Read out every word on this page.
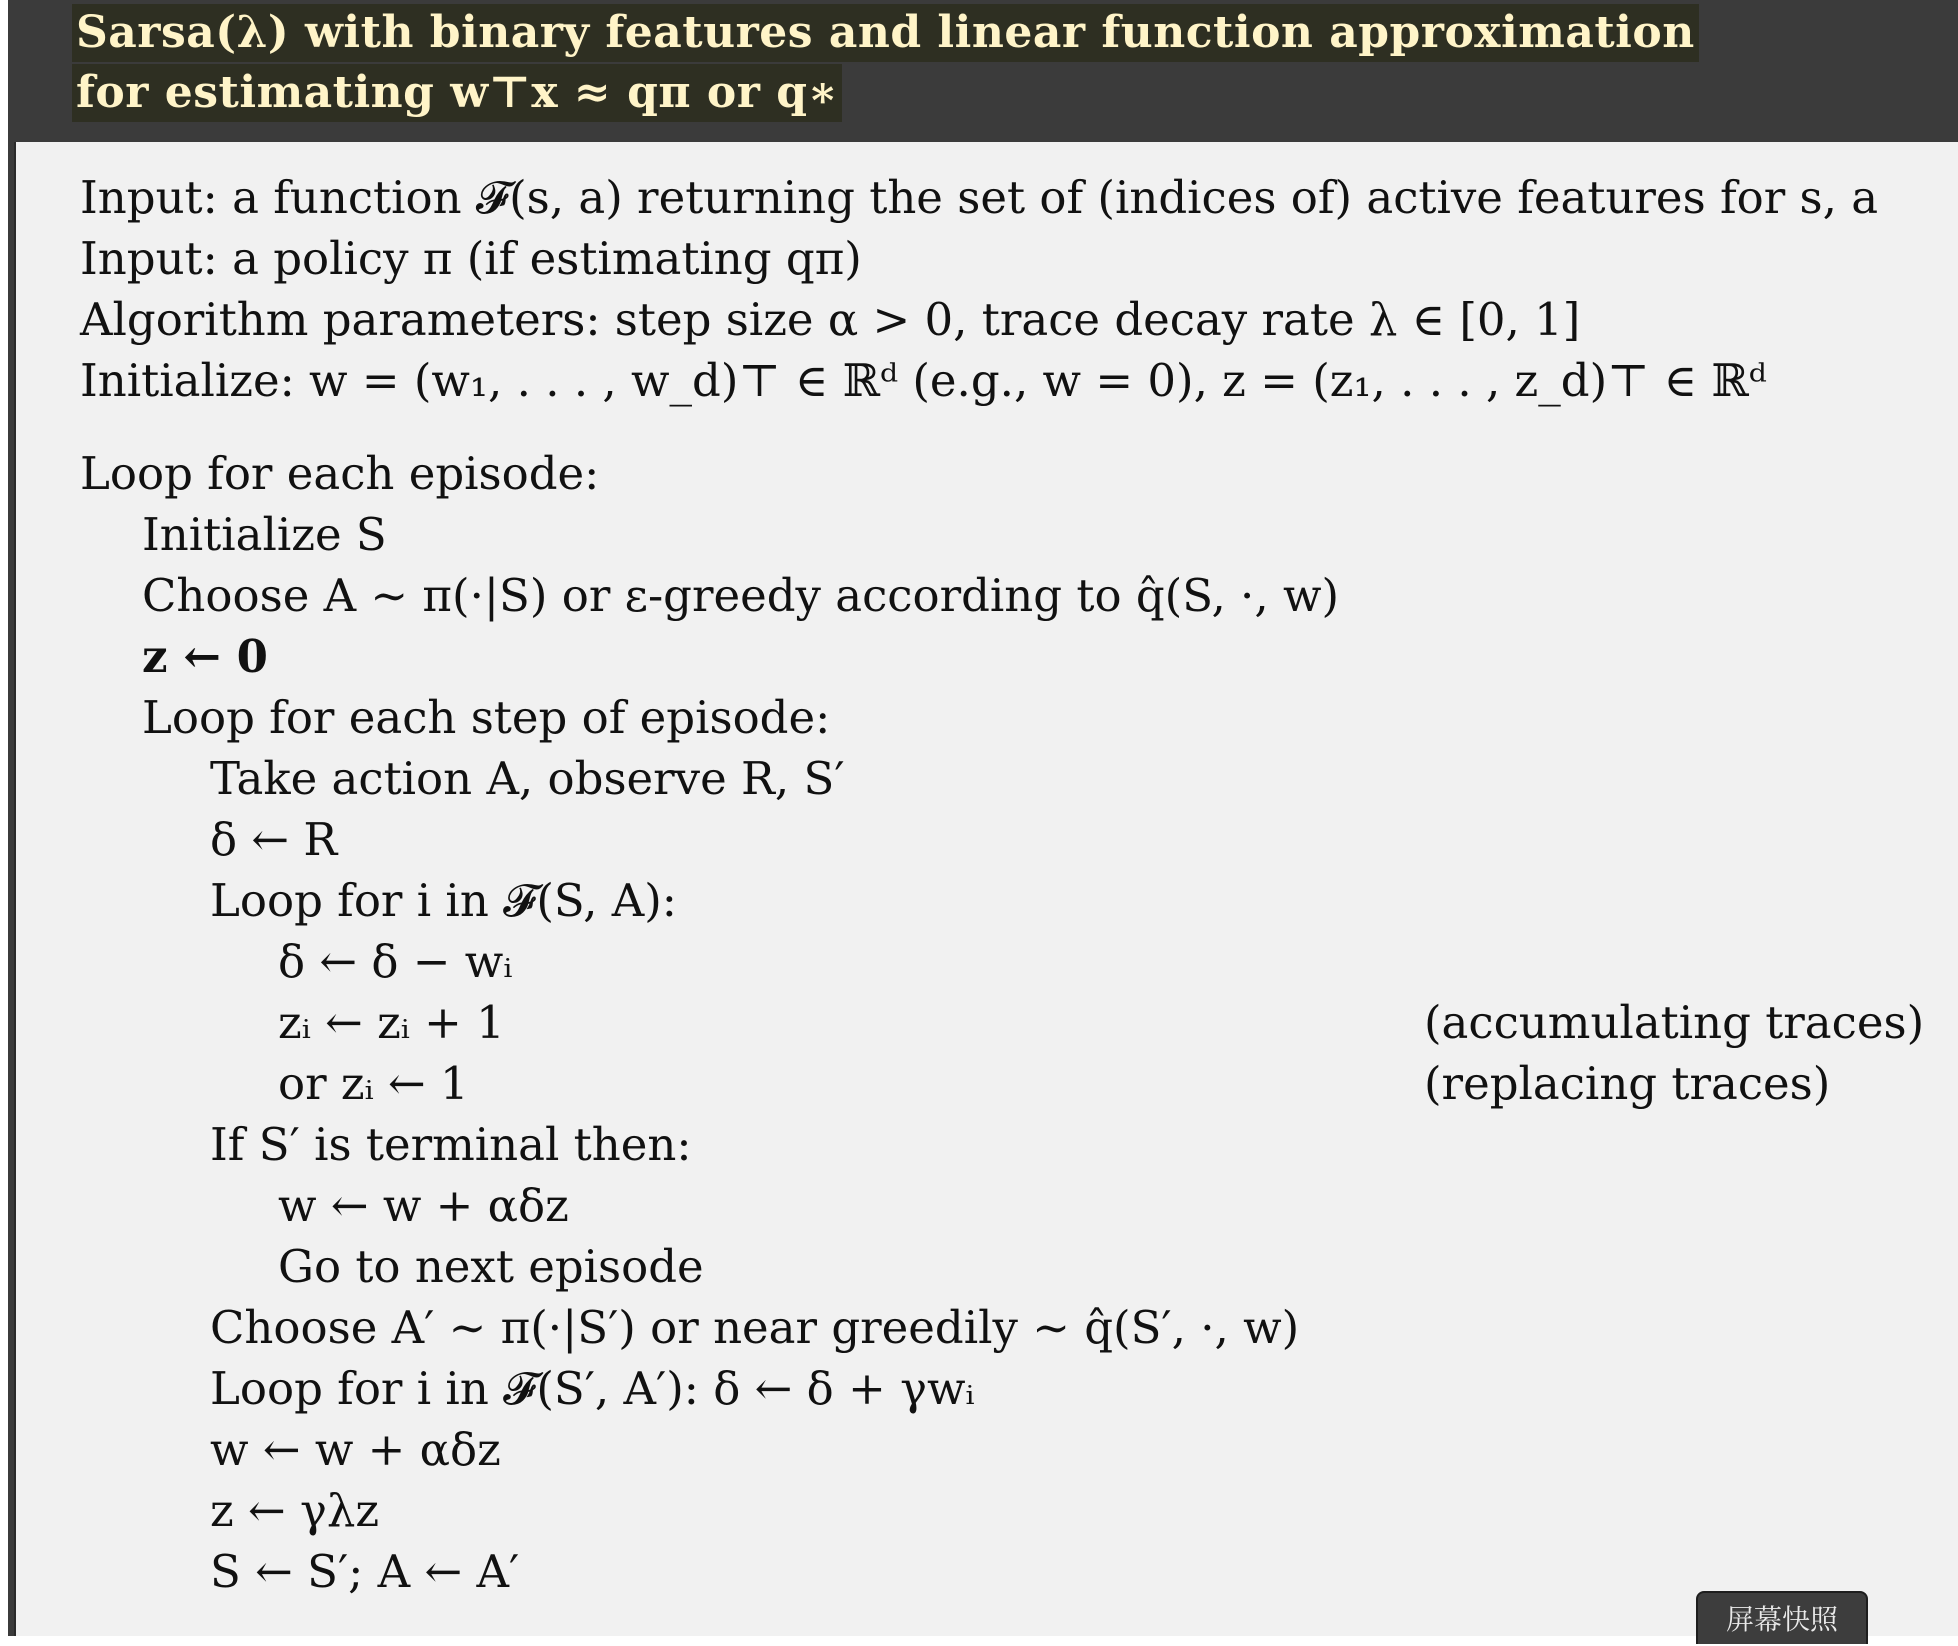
Sarsa(λ) with binary features and linear function approximation
for estimating w⊤x ≈ qπ or q∗
Input: a function 𝓕(s, a) returning the set of (indices of) active features for s, a
Input: a policy π (if estimating qπ)
Algorithm parameters: step size α > 0, trace decay rate λ ∈ [0, 1]
Initialize: w = (w₁, . . . , w_d)⊤ ∈ ℝᵈ (e.g., w = 0), z = (z₁, . . . , z_d)⊤ ∈ ℝᵈ
Loop for each episode:
Initialize S
Choose A ∼ π(·|S) or ε-greedy according to q̂(S, ·, w)
z ← 0
Loop for each step of episode:
Take action A, observe R, S′
δ ← R
Loop for i in 𝓕(S, A):
δ ← δ − wᵢ
zᵢ ← zᵢ + 1	(accumulating traces)
or zᵢ ← 1	(replacing traces)
If S′ is terminal then:
w ← w + αδz
Go to next episode
Choose A′ ∼ π(·|S′) or near greedily ∼ q̂(S′, ·, w)
Loop for i in 𝓕(S′, A′): δ ← δ + γwᵢ
w ← w + αδz
z ← γλz
S ← S′; A ← A′
屏幕快照
